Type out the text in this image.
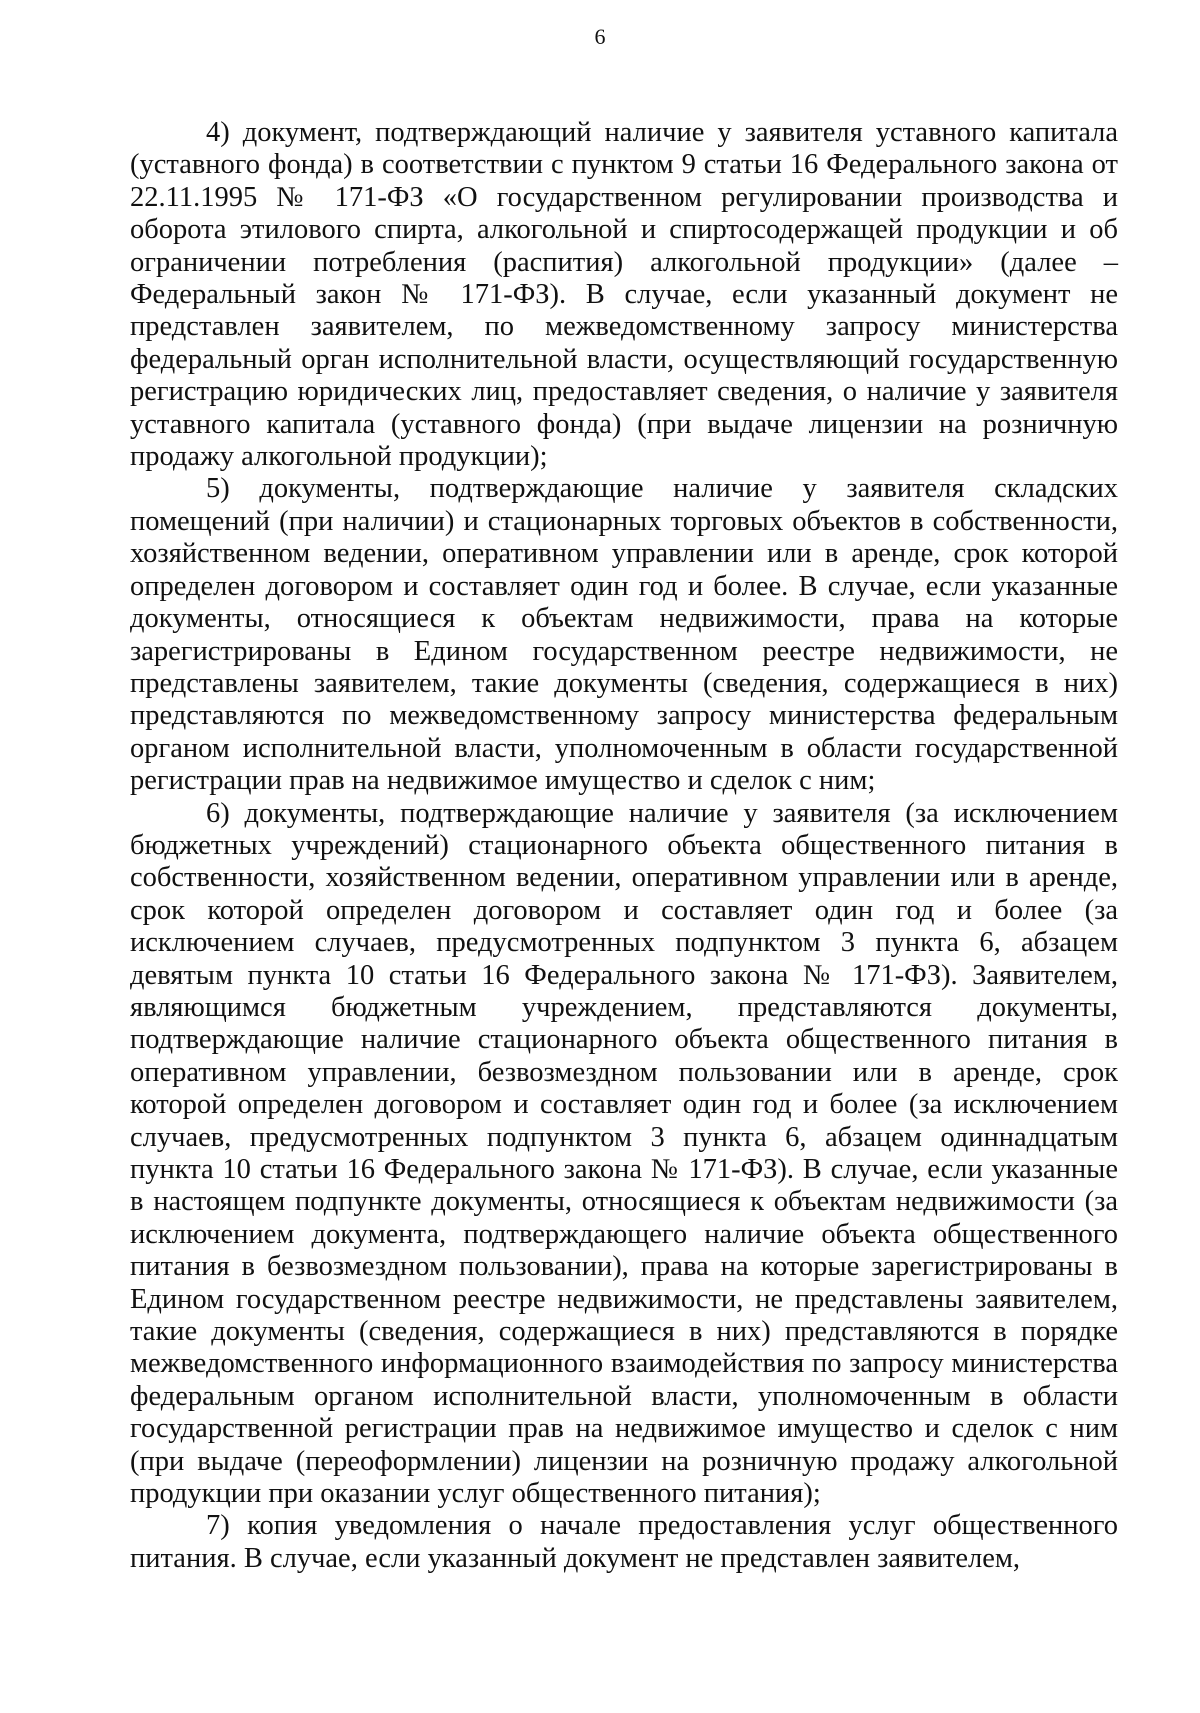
6

4) документ, подтверждающий наличие у заявителя уставного капитала (уставного фонда) в соответствии с пунктом 9 статьи 16 Федерального закона от 22.11.1995 № 171-ФЗ «О государственном регулировании производства и оборота этилового спирта, алкогольной и спиртосодержащей продукции и об ограничении потребления (распития) алкогольной продукции» (далее – Федеральный закон № 171-ФЗ). В случае, если указанный документ не представлен заявителем, по межведомственному запросу министерства федеральный орган исполнительной власти, осуществляющий государственную регистрацию юридических лиц, предоставляет сведения, о наличие у заявителя уставного капитала (уставного фонда) (при выдаче лицензии на розничную продажу алкогольной продукции);

5) документы, подтверждающие наличие у заявителя складских помещений (при наличии) и стационарных торговых объектов в собственности, хозяйственном ведении, оперативном управлении или в аренде, срок которой определен договором и составляет один год и более. В случае, если указанные документы, относящиеся к объектам недвижимости, права на которые зарегистрированы в Едином государственном реестре недвижимости, не представлены заявителем, такие документы (сведения, содержащиеся в них) представляются по межведомственному запросу министерства федеральным органом исполнительной власти, уполномоченным в области государственной регистрации прав на недвижимое имущество и сделок с ним;

6) документы, подтверждающие наличие у заявителя (за исключением бюджетных учреждений) стационарного объекта общественного питания в собственности, хозяйственном ведении, оперативном управлении или в аренде, срок которой определен договором и составляет один год и более (за исключением случаев, предусмотренных подпунктом 3 пункта 6, абзацем девятым пункта 10 статьи 16 Федерального закона № 171-ФЗ). Заявителем, являющимся бюджетным учреждением, представляются документы, подтверждающие наличие стационарного объекта общественного питания в оперативном управлении, безвозмездном пользовании или в аренде, срок которой определен договором и составляет один год и более (за исключением случаев, предусмотренных подпунктом 3 пункта 6, абзацем одиннадцатым пункта 10 статьи 16 Федерального закона № 171-ФЗ). В случае, если указанные в настоящем подпункте документы, относящиеся к объектам недвижимости (за исключением документа, подтверждающего наличие объекта общественного питания в безвозмездном пользовании), права на которые зарегистрированы в Едином государственном реестре недвижимости, не представлены заявителем, такие документы (сведения, содержащиеся в них) представляются в порядке межведомственного информационного взаимодействия по запросу министерства федеральным органом исполнительной власти, уполномоченным в области государственной регистрации прав на недвижимое имущество и сделок с ним (при выдаче (переоформлении) лицензии на розничную продажу алкогольной продукции при оказании услуг общественного питания);

7) копия уведомления о начале предоставления услуг общественного питания. В случае, если указанный документ не представлен заявителем,
